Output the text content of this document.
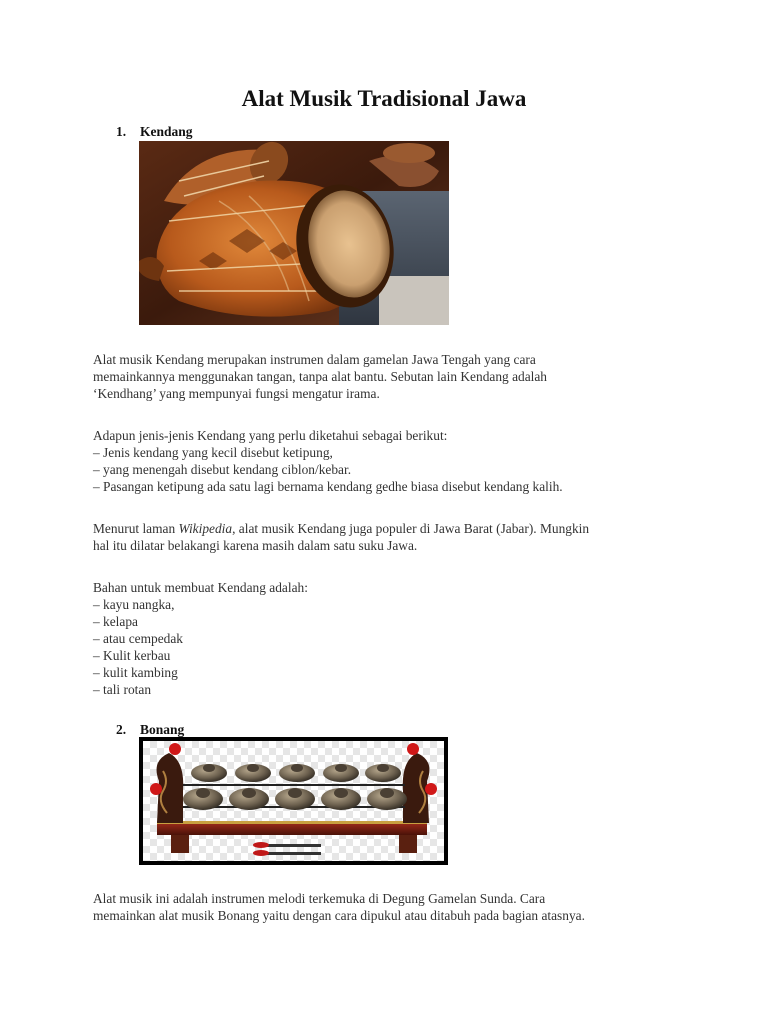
Alat Musik Tradisional Jawa
1. Kendang
Alat musik Kendang merupakan instrumen dalam gamelan Jawa Tengah yang cara
memainkannya menggunakan tangan, tanpa alat bantu. Sebutan lain Kendang adalah
‘Kendhang’ yang mempunyai fungsi mengatur irama.
Adapun jenis-jenis Kendang yang perlu diketahui sebagai berikut:
– Jenis kendang yang kecil disebut ketipung,
– yang menengah disebut kendang ciblon/kebar.
– Pasangan ketipung ada satu lagi bernama kendang gedhe biasa disebut kendang kalih.
Menurut laman Wikipedia, alat musik Kendang juga populer di Jawa Barat (Jabar). Mungkin
hal itu dilatar belakangi karena masih dalam satu suku Jawa.
Bahan untuk membuat Kendang adalah:
– kayu nangka,
– kelapa
– atau cempedak
– Kulit kerbau
– kulit kambing
– tali rotan
2. Bonang
Alat musik ini adalah instrumen melodi terkemuka di Degung Gamelan Sunda. Cara
memainkan alat musik Bonang yaitu dengan cara dipukul atau ditabuh pada bagian atasnya.
